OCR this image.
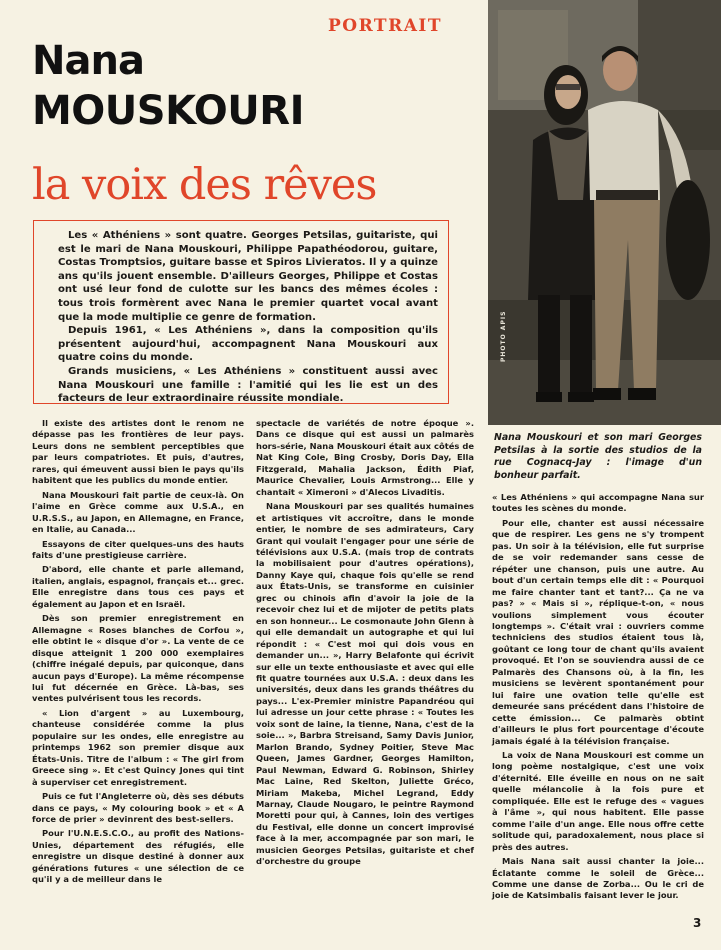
PORTRAIT
Nana
MOUSKOURI
la voix des rêves

Les « Athéniens » sont quatre. Georges Petsilas, guitariste, qui est le mari de Nana Mouskouri, Philippe Papathéodorou, guitare, Costas Tromptsios, guitare basse et Spiros Livieratos. Il y a quinze ans qu'ils jouent ensemble. D'ailleurs Georges, Philippe et Costas ont usé leur fond de culotte sur les bancs des mêmes écoles : tous trois formèrent avec Nana le premier quartet vocal avant que la mode multiplie ce genre de formation.

Depuis 1961, « Les Athéniens », dans la composition qu'ils présentent aujourd'hui, accompagnent Nana Mouskouri aux quatre coins du monde.

Grands musiciens, « Les Athéniens » constituent aussi avec Nana Mouskouri une famille : l'amitié qui les lie est un des facteurs de leur extraordinaire réussite mondiale.

PHOTO APIS
Nana Mouskouri et son mari Georges Petsilas à la sortie des studios de la rue Cognacq-Jay : l'image d'un bonheur parfait.

Il existe des artistes dont le renom ne dépasse pas les frontières de leur pays. Leurs dons ne semblent perceptibles que par leurs compatriotes. Et puis, d'autres, rares, qui émeuvent aussi bien le pays qu'ils habitent que les publics du monde entier.

Nana Mouskouri fait partie de ceux-là. On l'aime en Grèce comme aux U.S.A., en U.R.S.S., au Japon, en Allemagne, en France, en Italie, au Canada...

Essayons de citer quelques-uns des hauts faits d'une prestigieuse carrière.

D'abord, elle chante et parle allemand, italien, anglais, espagnol, français et... grec. Elle enregistre dans tous ces pays et également au Japon et en Israël.

Dès son premier enregistrement en Allemagne « Roses blanches de Corfou », elle obtint le « disque d'or ». La vente de ce disque atteignit 1 200 000 exemplaires (chiffre inégalé depuis, par quiconque, dans aucun pays d'Europe). La même récompense lui fut décernée en Grèce. Là-bas, ses ventes pulvérisent tous les records.

« Lion d'argent » au Luxembourg, chanteuse considérée comme la plus populaire sur les ondes, elle enregistre au printemps 1962 son premier disque aux États-Unis. Titre de l'album : « The girl from Greece sing ». Et c'est Quincy Jones qui tint à superviser cet enregistrement.

Puis ce fut l'Angleterre où, dès ses débuts dans ce pays, « My colouring book » et « A force de prier » devinrent des best-sellers.

Pour l'U.N.E.S.C.O., au profit des Nations-Unies, département des réfugiés, elle enregistre un disque destiné à donner aux générations futures « une sélection de ce qu'il y a de meilleur dans le

spectacle de variétés de notre époque ». Dans ce disque qui est aussi un palmarès hors-série, Nana Mouskouri était aux côtés de Nat King Cole, Bing Crosby, Doris Day, Ella Fitzgerald, Mahalia Jackson, Édith Piaf, Maurice Chevalier, Louis Armstrong... Elle y chantait « Ximeroni » d'Alecos Livaditis.

Nana Mouskouri par ses qualités humaines et artistiques vit accroître, dans le monde entier, le nombre de ses admirateurs, Cary Grant qui voulait l'engager pour une série de télévisions aux U.S.A. (mais trop de contrats la mobilisaient pour d'autres opérations), Danny Kaye qui, chaque fois qu'elle se rend aux États-Unis, se transforme en cuisinier grec ou chinois afin d'avoir la joie de la recevoir chez lui et de mijoter de petits plats en son honneur... Le cosmonaute John Glenn à qui elle demandait un autographe et qui lui répondit : « C'est moi qui dois vous en demander un... », Harry Belafonte qui écrivit sur elle un texte enthousiaste et avec qui elle fit quatre tournées aux U.S.A. : deux dans les universités, deux dans les grands théâtres du pays... L'ex-Premier ministre Papandréou qui lui adresse un jour cette phrase : « Toutes les voix sont de laine, la tienne, Nana, c'est de la soie... », Barbra Streisand, Samy Davis Junior, Marlon Brando, Sydney Poitier, Steve Mac Queen, James Gardner, Georges Hamilton, Paul Newman, Edward G. Robinson, Shirley Mac Laine, Red Skelton, Juliette Gréco, Miriam Makeba, Michel Legrand, Eddy Marnay, Claude Nougaro, le peintre Raymond Moretti pour qui, à Cannes, loin des vertiges du Festival, elle donne un concert improvisé face à la mer, accompagnée par son mari, le musicien Georges Petsilas, guitariste et chef d'orchestre du groupe

« Les Athéniens » qui accompagne Nana sur toutes les scènes du monde.

Pour elle, chanter est aussi nécessaire que de respirer. Les gens ne s'y trompent pas. Un soir à la télévision, elle fut surprise de se voir redemander sans cesse de répéter une chanson, puis une autre. Au bout d'un certain temps elle dit : « Pourquoi me faire chanter tant et tant?... Ça ne va pas? » « Mais si », réplique-t-on, « nous voulions simplement vous écouter longtemps ». C'était vrai : ouvriers comme techniciens des studios étaient tous là, goûtant ce long tour de chant qu'ils avaient provoqué. Et l'on se souviendra aussi de ce Palmarès des Chansons où, à la fin, les musiciens se levèrent spontanément pour lui faire une ovation telle qu'elle est demeurée sans précédent dans l'histoire de cette émission... Ce palmarès obtint d'ailleurs le plus fort pourcentage d'écoute jamais égalé à la télévision française.

La voix de Nana Mouskouri est comme un long poème nostalgique, c'est une voix d'éternité. Elle éveille en nous on ne sait quelle mélancolie à la fois pure et compliquée. Elle est le refuge des « vagues à l'âme », qui nous habitent. Elle passe comme l'aile d'un ange. Elle nous offre cette solitude qui, paradoxalement, nous place si près des autres.

Mais Nana sait aussi chanter la joie... Éclatante comme le soleil de Grèce... Comme une danse de Zorba... Ou le cri de joie de Katsimbalis faisant lever le jour.

3
